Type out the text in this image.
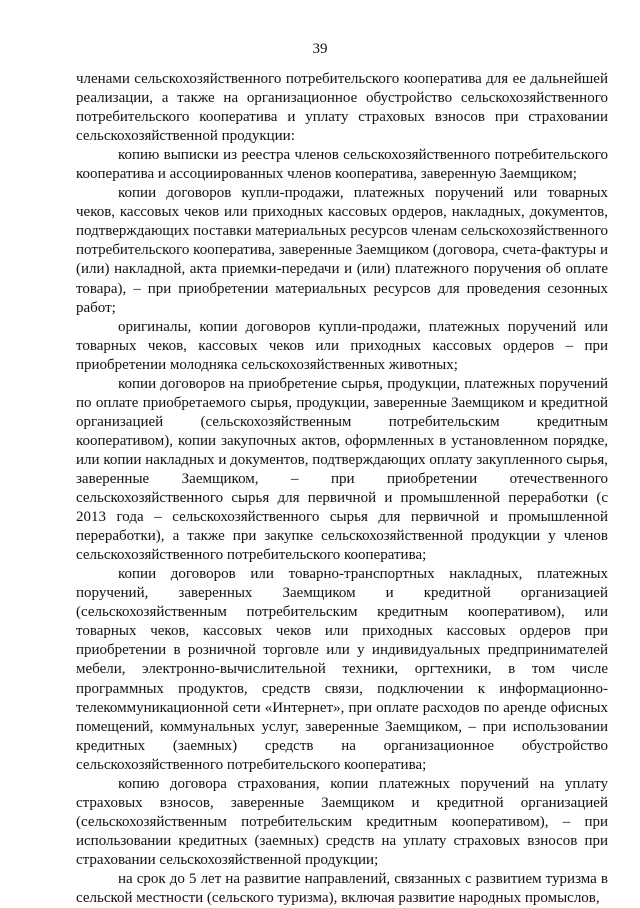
39

членами сельскохозяйственного потребительского кооператива для ее дальнейшей реализации, а также на организационное обустройство сельскохозяйственного потребительского кооператива и уплату страховых взносов при страховании сельскохозяйственной продукции:

копию выписки из реестра членов сельскохозяйственного потребительского кооператива и ассоциированных членов кооператива, заверенную Заемщиком;

копии договоров купли-продажи, платежных поручений или товарных чеков, кассовых чеков или приходных кассовых ордеров, накладных, документов, подтверждающих поставки материальных ресурсов членам сельскохозяйственного потребительского кооператива, заверенные Заемщиком (договора, счета-фактуры и (или) накладной, акта приемки-передачи и (или) платежного поручения об оплате товара), – при приобретении материальных ресурсов для проведения сезонных работ;

оригиналы, копии договоров купли-продажи, платежных поручений или товарных чеков, кассовых чеков или приходных кассовых ордеров – при приобретении молодняка сельскохозяйственных животных;

копии договоров на приобретение сырья, продукции, платежных поручений по оплате приобретаемого сырья, продукции, заверенные Заемщиком и кредитной организацией (сельскохозяйственным потребительским кредитным кооперативом), копии закупочных актов, оформленных в установленном порядке, или копии накладных и документов, подтверждающих оплату закупленного сырья, заверенные Заемщиком, – при приобретении отечественного сельскохозяйственного сырья для первичной и промышленной переработки (с 2013 года – сельскохозяйственного сырья для первичной и промышленной переработки), а также при закупке сельскохозяйственной продукции у членов сельскохозяйственного потребительского кооператива;

копии договоров или товарно-транспортных накладных, платежных поручений, заверенных Заемщиком и кредитной организацией (сельскохозяйственным потребительским кредитным кооперативом), или товарных чеков, кассовых чеков или приходных кассовых ордеров при приобретении в розничной торговле или у индивидуальных предпринимателей мебели, электронно-вычислительной техники, оргтехники, в том числе программных продуктов, средств связи, подключении к информационно-телекоммуникационной сети «Интернет», при оплате расходов по аренде офисных помещений, коммунальных услуг, заверенные Заемщиком, – при использовании кредитных (заемных) средств на организационное обустройство сельскохозяйственного потребительского кооператива;

копию договора страхования, копии платежных поручений на уплату страховых взносов, заверенные Заемщиком и кредитной организацией (сельскохозяйственным потребительским кредитным кооперативом), – при использовании кредитных (заемных) средств на уплату страховых взносов при страховании сельскохозяйственной продукции;

на срок до 5 лет на развитие направлений, связанных с развитием туризма в сельской местности (сельского туризма), включая развитие народных промыслов,
